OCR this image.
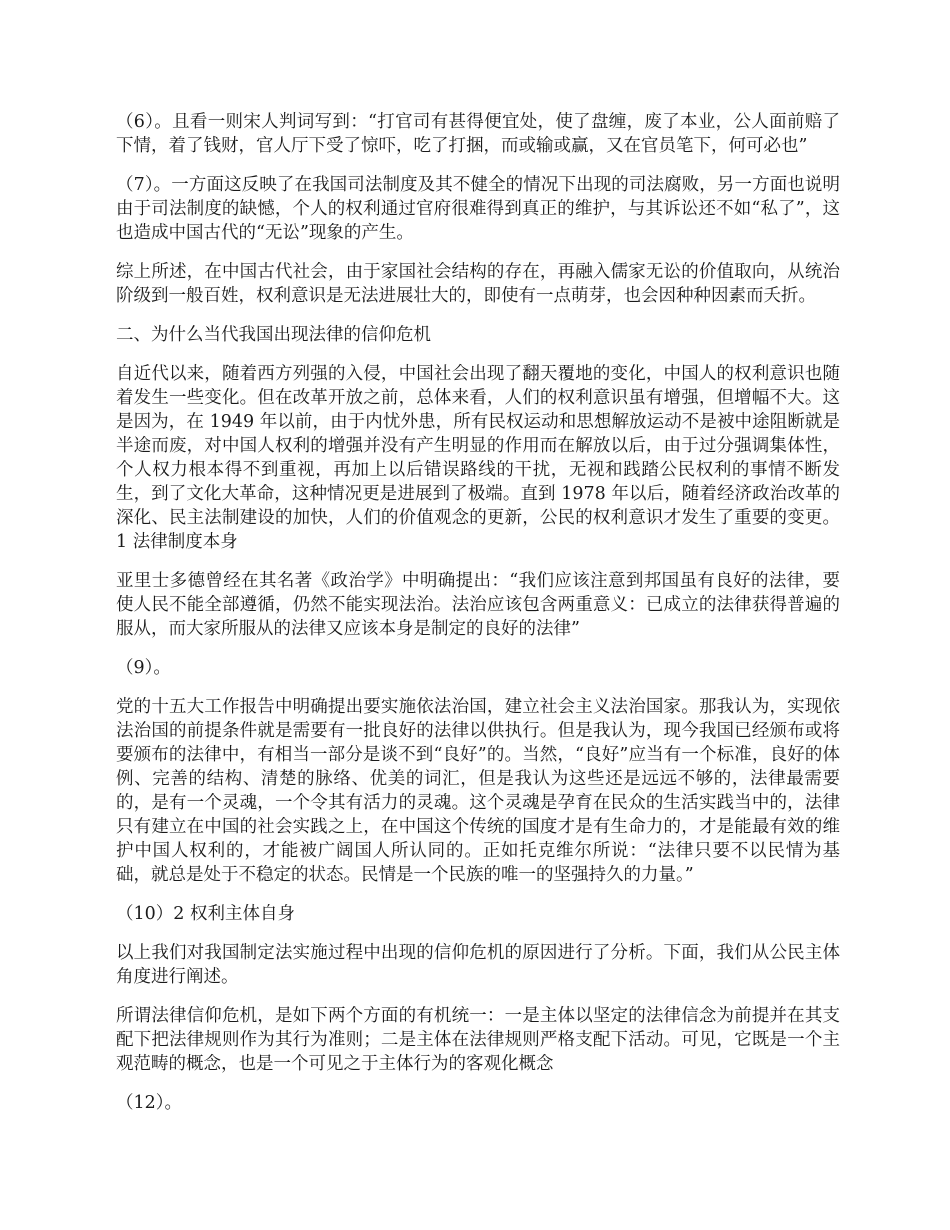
（6）。且看一则宋人判词写到：“打官司有甚得便宜处，使了盘缠，废了本业，公人面前赔了下情，着了钱财，官人厅下受了惊吓，吃了打捆，而或输或赢，又在官员笔下，何可必也”

（7）。一方面这反映了在我国司法制度及其不健全的情况下出现的司法腐败，另一方面也说明由于司法制度的缺憾，个人的权利通过官府很难得到真正的维护，与其诉讼还不如“私了”，这也造成中国古代的“无讼”现象的产生。

综上所述，在中国古代社会，由于家国社会结构的存在，再融入儒家无讼的价值取向，从统治阶级到一般百姓，权利意识是无法进展壮大的，即使有一点萌芽，也会因种种因素而夭折。

二、为什么当代我国出现法律的信仰危机

自近代以来，随着西方列强的入侵，中国社会出现了翻天覆地的变化，中国人的权利意识也随着发生一些变化。但在改革开放之前，总体来看，人们的权利意识虽有增强，但增幅不大。这是因为，在 1949 年以前，由于内忧外患，所有民权运动和思想解放运动不是被中途阻断就是半途而废，对中国人权利的增强并没有产生明显的作用而在解放以后，由于过分强调集体性，个人权力根本得不到重视，再加上以后错误路线的干扰，无视和践踏公民权利的事情不断发生，到了文化大革命，这种情况更是进展到了极端。直到 1978 年以后，随着经济政治改革的深化、民主法制建设的加快，人们的价值观念的更新，公民的权利意识才发生了重要的变更。1 法律制度本身

亚里士多德曾经在其名著《政治学》中明确提出：“我们应该注意到邦国虽有良好的法律，要使人民不能全部遵循，仍然不能实现法治。法治应该包含两重意义：已成立的法律获得普遍的服从，而大家所服从的法律又应该本身是制定的良好的法律”

（9）。

党的十五大工作报告中明确提出要实施依法治国，建立社会主义法治国家。那我认为，实现依法治国的前提条件就是需要有一批良好的法律以供执行。但是我认为，现今我国已经颁布或将要颁布的法律中，有相当一部分是谈不到“良好”的。当然，“良好”应当有一个标准，良好的体例、完善的结构、清楚的脉络、优美的词汇，但是我认为这些还是远远不够的，法律最需要的，是有一个灵魂，一个令其有活力的灵魂。这个灵魂是孕育在民众的生活实践当中的，法律只有建立在中国的社会实践之上，在中国这个传统的国度才是有生命力的，才是能最有效的维护中国人权利的，才能被广阔国人所认同的。正如托克维尔所说：“法律只要不以民情为基础，就总是处于不稳定的状态。民情是一个民族的唯一的坚强持久的力量。”

（10）2 权利主体自身

以上我们对我国制定法实施过程中出现的信仰危机的原因进行了分析。下面，我们从公民主体角度进行阐述。

所谓法律信仰危机，是如下两个方面的有机统一：一是主体以坚定的法律信念为前提并在其支配下把法律规则作为其行为准则；二是主体在法律规则严格支配下活动。可见，它既是一个主观范畴的概念，也是一个可见之于主体行为的客观化概念

（12）。
